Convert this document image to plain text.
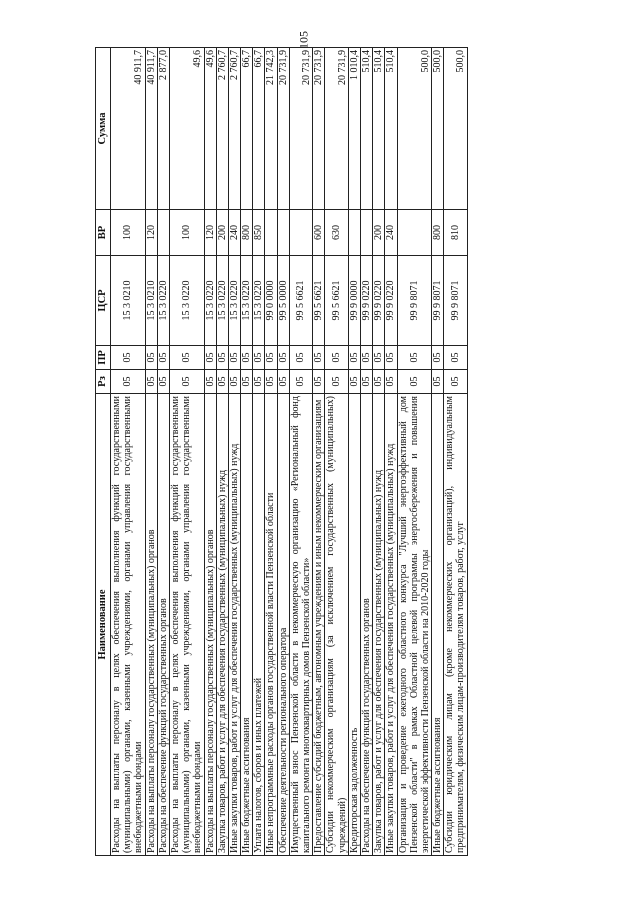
105
Наименование	Рз	ПР	ЦСР	ВР	Сумма
Расходы на выплаты персоналу в целях обеспечения выполнения функций государственными (муниципальными) органами, казенными учреждениями, органами управления государственными внебюджетными фондами	05	05	15 3 0210	100	40 911,7
Расходы на выплаты персоналу государственных (муниципальных) органов	05	05	15 3 0210	120	40 911,7
Расходы на обеспечение функций государственных органов	05	05	15 3 0220		2 877,0
Расходы на выплаты персоналу в целях обеспечения выполнения функций государственными (муниципальными) органами, казенными учреждениями, органами управления государственными внебюджетными фондами	05	05	15 3 0220	100	49,6
Расходы на выплаты персоналу государственных (муниципальных) органов	05	05	15 3 0220	120	49,6
Закупка товаров, работ и услуг для обеспечения государственных (муниципальных) нужд	05	05	15 3 0220	200	2 760,7
Иные закупки товаров, работ и услуг для обеспечения государственных (муниципальных) нужд	05	05	15 3 0220	240	2 760,7
Иные бюджетные ассигнования	05	05	15 3 0220	800	66,7
Уплата налогов, сборов и иных платежей	05	05	15 3 0220	850	66,7
Иные непрограммные расходы органов государственной власти Пензенской области	05	05	99 0 0000		21 742,3
Обеспечение деятельности регионального оператора	05	05	99 5 0000		20 731,9
Имущественный взнос Пензенской области в некоммерческую организацию «Региональный фонд капитального ремонта многоквартирных домов Пензенской области»	05	05	99 5 6621		20 731,9
Предоставление субсидий бюджетным, автономным учреждениям и иным некоммерческим организациям	05	05	99 5 6621	600	20 731,9
Субсидии некоммерческим организациям (за исключением государственных (муниципальных) учреждений)	05	05	99 5 6621	630	20 731,9
Кредиторская задолженность	05	05	99 9 0000		1 010,4
Расходы на обеспечение функций государственных органов	05	05	99 9 0220		510,4
Закупка товаров, работ и услуг для обеспечения государственных (муниципальных) нужд	05	05	99 9 0220	200	510,4
Иные закупки товаров, работ и услуг для обеспечения государственных (муниципальных) нужд	05	05	99 9 0220	240	510,4
Организация и проведение ежегодного областного конкурса "Лучший энергоэффективный дом Пензенской области" в рамках Областной целевой программы энергосбережения и повышения энергетической эффективности Пензенской области на 2010-2020 годы	05	05	99 9 8071		500,0
Иные бюджетные ассигнования	05	05	99 9 8071	800	500,0
Субсидии юридическим лицам (кроме некоммерческих организаций), индивидуальным предпринимателям, физическим лицам-производителям товаров, работ, услуг	05	05	99 9 8071	810	500,0
